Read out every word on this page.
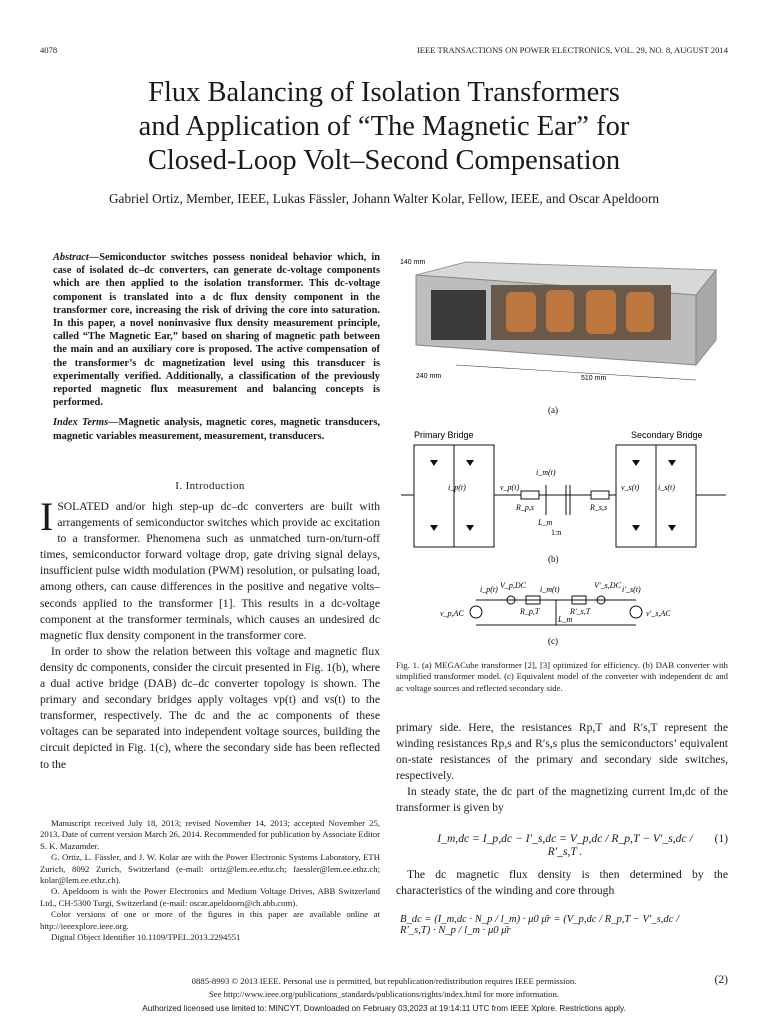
4078	IEEE TRANSACTIONS ON POWER ELECTRONICS, VOL. 29, NO. 8, AUGUST 2014
Flux Balancing of Isolation Transformers
and Application of “The Magnetic Ear” for
Closed-Loop Volt–Second Compensation
Gabriel Ortiz, Member, IEEE, Lukas Fässler, Johann Walter Kolar, Fellow, IEEE, and Oscar Apeldoorn
Abstract—Semiconductor switches possess nonideal behavior which, in case of isolated dc–dc converters, can generate dc-voltage components which are then applied to the isolation transformer. This dc-voltage component is translated into a dc flux density component in the transformer core, increasing the risk of driving the core into saturation. In this paper, a novel noninvasive flux density measurement principle, called “The Magnetic Ear,” based on sharing of magnetic path between the main and an auxiliary core is proposed. The active compensation of the transformer’s dc magnetization level using this transducer is experimentally verified. Additionally, a classification of the previously reported magnetic flux measurement and balancing concepts is performed.
Index Terms—Magnetic analysis, magnetic cores, magnetic transducers, magnetic variables measurement, measurement, transducers.
I. Introduction

ISOLATED and/or high step-up dc–dc converters are built with arrangements of semiconductor switches which provide ac excitation to a transformer. Phenomena such as unmatched turn-on/turn-off times, semiconductor forward voltage drop, gate driving signal delays, insufficient pulse width modulation (PWM) resolution, or pulsating load, among others, can cause differences in the positive and negative volts–seconds applied to the transformer [1]. This results in a dc-voltage component at the transformer terminals, which causes an undesired dc magnetic flux density component in the transformer core.

In order to show the relation between this voltage and magnetic flux density dc components, consider the circuit presented in Fig. 1(b), where a dual active bridge (DAB) dc–dc converter topology is shown. The primary and secondary bridges apply voltages vp(t) and vs(t) to the transformer, respectively. The dc and the ac components of these voltages can be separated into independent voltage sources, building the circuit depicted in Fig. 1(c), where the secondary side has been reflected to the

Manuscript received July 18, 2013; revised November 14, 2013; accepted November 25, 2013. Date of current version March 26, 2014. Recommended for publication by Associate Editor S. K. Mazumder.
G. Ortiz, L. Fässler, and J. W. Kolar are with the Power Electronic Systems Laboratory, ETH Zurich, 8092 Zurich, Switzerland (e-mail: ortiz@lem.ee.ethz.ch; faessler@lem.ee.ethz.ch; kolar@lem.ee.ethz.ch).
O. Apeldoorn is with the Power Electronics and Medium Voltage Drives, ABB Switzerland Ltd., CH-5300 Turgi, Switzerland (e-mail: oscar.apeldoorn@ch.abb.com).
Color versions of one or more of the figures in this paper are available online at http://ieeexplore.ieee.org.
Digital Object Identifier 10.1109/TPEL.2013.2294551
140 mm
240 mm	510 mm
(a)
Primary Bridge	Secondary Bridge
i_p(t)	v_p(t)
R_p,s
i_m(t)
L_m
1:n
R_s,s
v_s(t) i_s(t)
(b)
i_p(t) V_p,DC
v_p,AC	R_p,T
i_m(t)
L_m
R′_s,T
V′_s,DC i′_s(t)
v′_s,AC
(c)
Fig. 1. (a) MEGACube transformer [2], [3] optimized for efficiency. (b) DAB converter with simplified transformer model. (c) Equivalent model of the converter with independent dc and ac voltage sources and reflected secondary side.

primary side. Here, the resistances Rp,T and R′s,T represent the winding resistances Rp,s and R′s,s plus the semiconductors’ equivalent on-state resistances of the primary and secondary side switches, respectively.

In steady state, the dc part of the magnetizing current Im,dc of the transformer is given by

I_m,dc = I_p,dc − I′_s,dc = V_p,dc / R_p,T − V′_s,dc / R′_s,T .
(1)
The dc magnetic flux density is then determined by the characteristics of the winding and core through
B_dc = (I_m,dc · N_p / l_m) · μ0 μ̄r = (V_p,dc / R_p,T − V′_s,dc / R′_s,T) · N_p / l_m · μ0 μ̄r
(2)
0885-8993 © 2013 IEEE. Personal use is permitted, but republication/redistribution requires IEEE permission.
See http://www.ieee.org/publications_standards/publications/rights/index.html for more information.
Authorized licensed use limited to: MINCYT. Downloaded on February 03,2023 at 19:14:11 UTC from IEEE Xplore. Restrictions apply.
